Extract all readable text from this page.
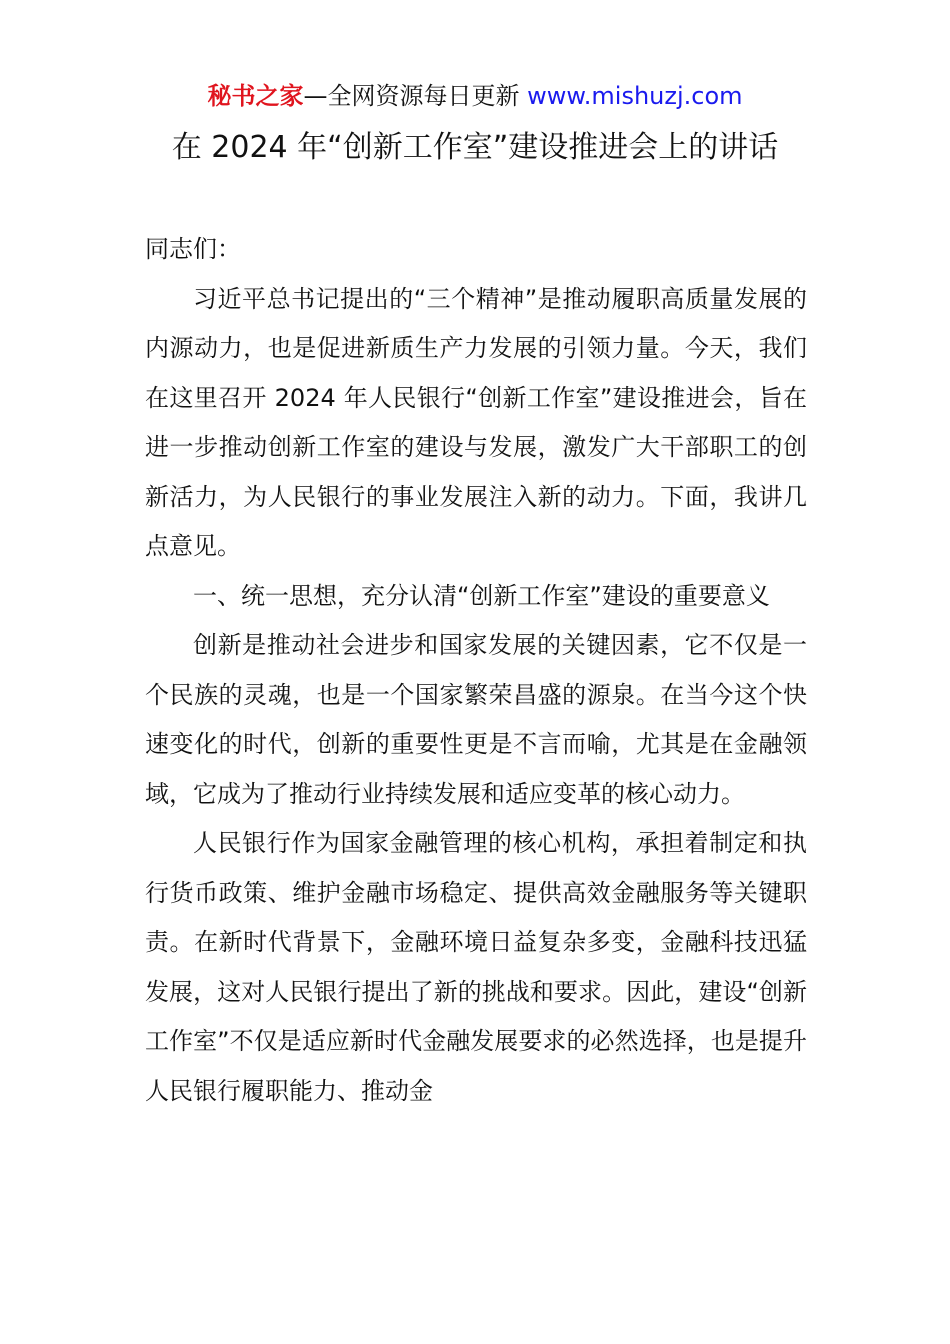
秘书之家—全网资源每日更新 www.mishuzj.com
在 2024 年“创新工作室”建设推进会上的讲话

同志们：

习近平总书记提出的“三个精神”是推动履职高质量发展的内源动力，也是促进新质生产力发展的引领力量。今天，我们在这里召开 2024 年人民银行“创新工作室”建设推进会，旨在进一步推动创新工作室的建设与发展，激发广大干部职工的创新活力，为人民银行的事业发展注入新的动力。下面，我讲几点意见。

一、统一思想，充分认清“创新工作室”建设的重要意义

创新是推动社会进步和国家发展的关键因素，它不仅是一个民族的灵魂，也是一个国家繁荣昌盛的源泉。在当今这个快速变化的时代，创新的重要性更是不言而喻，尤其是在金融领域，它成为了推动行业持续发展和适应变革的核心动力。

人民银行作为国家金融管理的核心机构，承担着制定和执行货币政策、维护金融市场稳定、提供高效金融服务等关键职责。在新时代背景下，金融环境日益复杂多变，金融科技迅猛发展，这对人民银行提出了新的挑战和要求。因此，建设“创新工作室”不仅是适应新时代金融发展要求的必然选择，也是提升人民银行履职能力、推动金
